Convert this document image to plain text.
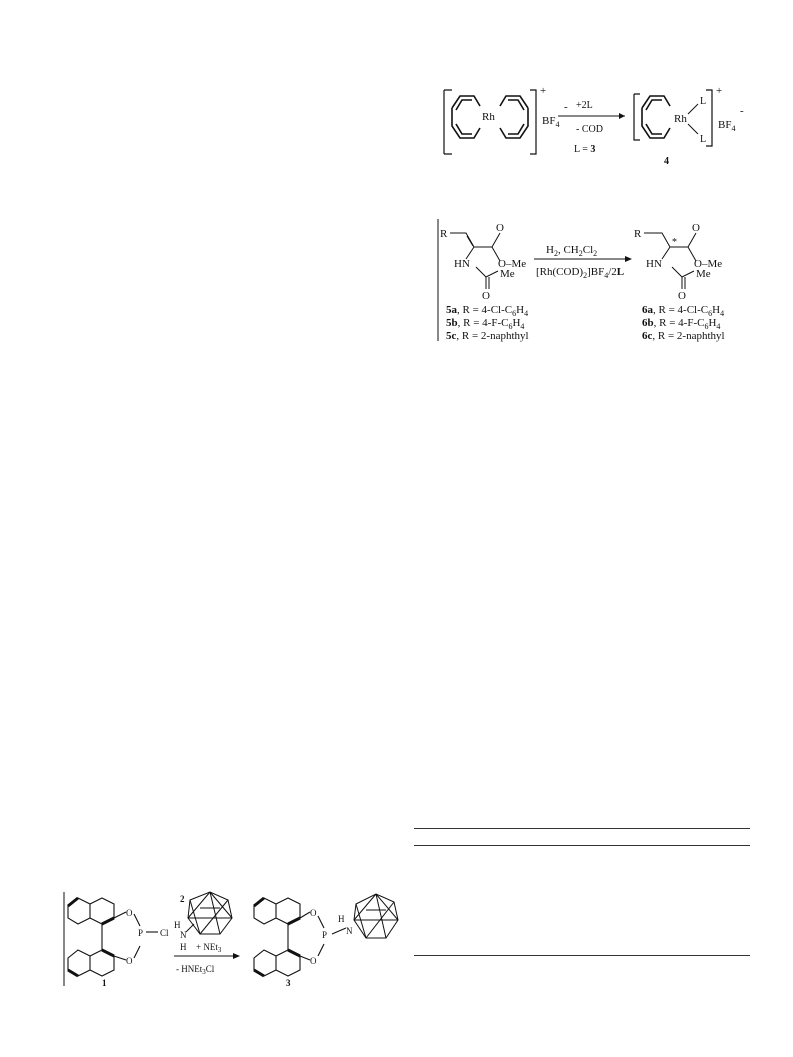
Rh
+
$BF_4$
- +2L
- COD
L = 3
Rh
L
L
+
$BF_4$
-
4
R	O
O–Me
HN
Me
O
$H_2$, $CH_2Cl_2$
$[Rh(COD)_2]BF_4/2L$
R
*
O
O–Me
HN
Me
O
5a, $R = 4-Cl-C_6H_4$
5b, $R = 4-F-C_6H_4$
5c, R = 2-naphthyl
6a, $R = 4-Cl-C_6H_4$
6b, $R = 4-F-C_6H_4$
6c, R = 2-naphthyl
O
P Cl
O
1
2
H
N
H + NEt$_3$
- HNEt$_3$Cl
O
P
H
N
O
3
